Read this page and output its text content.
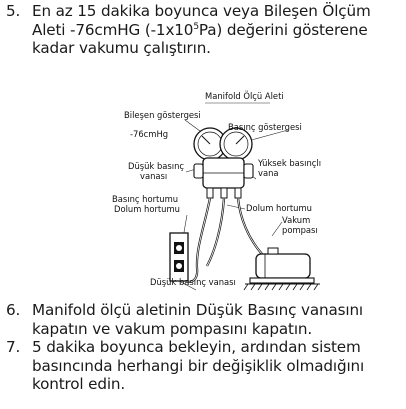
5. En az 15 dakika boyunca veya Bileşen Ölçüm Aleti -76cmHG $(-1x10^5Pa)$ değerini gösterene kadar vakumu çalıştırın.
Manifold Ölçü Aleti
Bileşen göstergesi
-76cmHg
Basınç göstergesi
Düşük basınç
vanası
Yüksek basınçlı
vana
Basınç hortumu
Dolum hortumu	Dolum hortumu
Vakum
pompası
Düşük basınç vanası
6. Manifold ölçü aletinin Düşük Basınç vanasını kapatın ve vakum pompasını kapatın.
7. 5 dakika boyunca bekleyin, ardından sistem basıncında herhangi bir değişiklik olmadığını kontrol edin.
